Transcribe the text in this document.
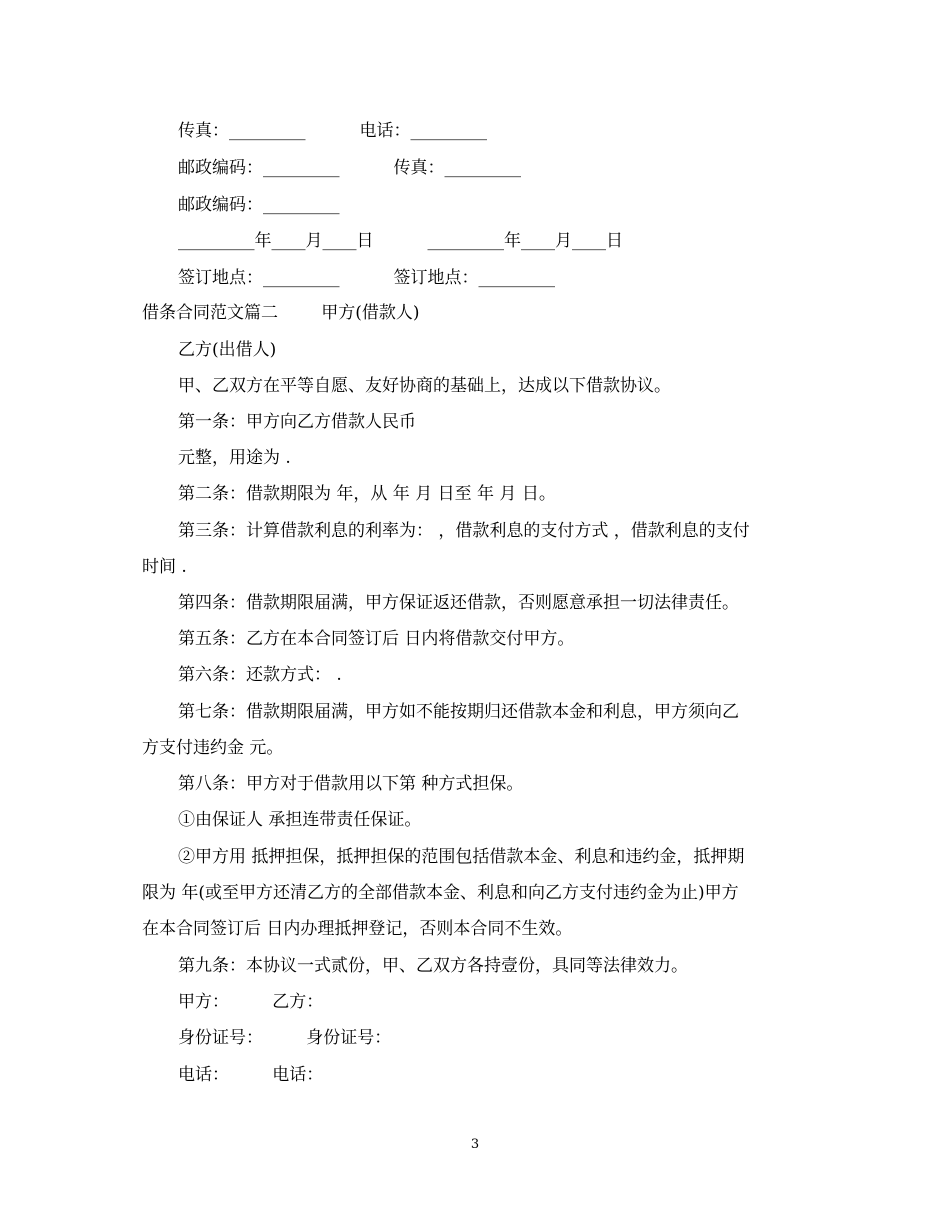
传真：_________          电话：_________
邮政编码：_________          传真：_________
邮政编码：_________
_________年____月____日          _________年____月____日
签订地点：_________          签订地点：_________
借条合同范文篇二        甲方(借款人)
乙方(出借人)
甲、乙双方在平等自愿、友好协商的基础上，达成以下借款协议。
第一条：甲方向乙方借款人民币
元整，用途为 .
第二条：借款期限为 年，从 年 月 日至 年 月 日。
第三条：计算借款利息的利率为： ，借款利息的支付方式 ，借款利息的支付
时间 .
第四条：借款期限届满，甲方保证返还借款，否则愿意承担一切法律责任。
第五条：乙方在本合同签订后 日内将借款交付甲方。
第六条：还款方式： .
第七条：借款期限届满，甲方如不能按期归还借款本金和利息，甲方须向乙
方支付违约金 元。
第八条：甲方对于借款用以下第 种方式担保。
①由保证人 承担连带责任保证。
②甲方用 抵押担保，抵押担保的范围包括借款本金、利息和违约金，抵押期
限为 年(或至甲方还清乙方的全部借款本金、利息和向乙方支付违约金为止)甲方
在本合同签订后 日内办理抵押登记，否则本合同不生效。
第九条：本协议一式贰份，甲、乙双方各持壹份，具同等法律效力。
甲方：        乙方：
身份证号：        身份证号：
电话：        电话：
3
